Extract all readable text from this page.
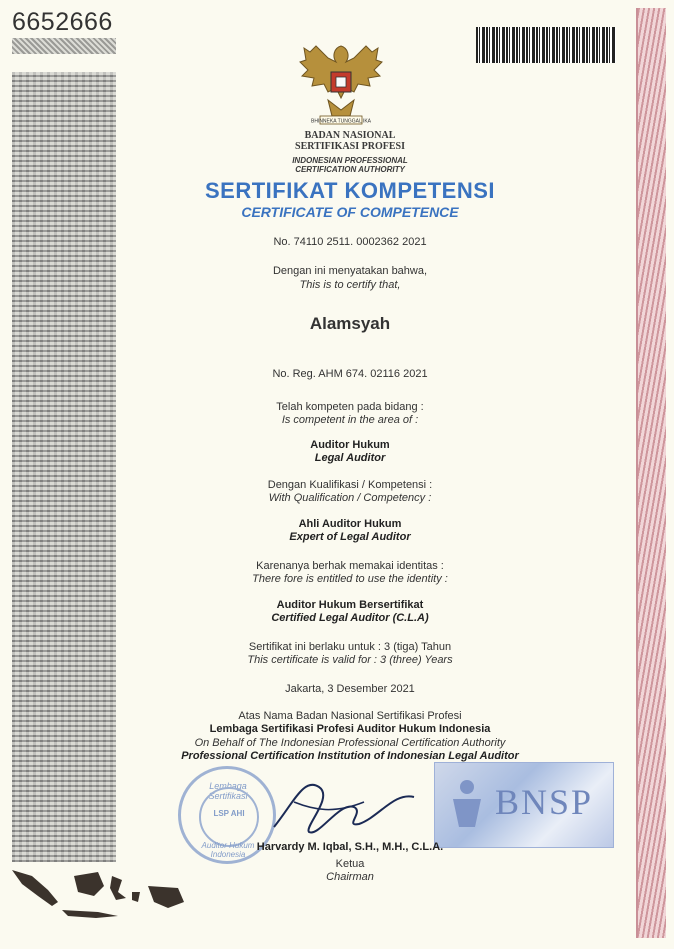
6652666
BHINNEKA TUNGGAL IKA
BADAN NASIONAL
SERTIFIKASI PROFESI
INDONESIAN PROFESSIONAL
CERTIFICATION AUTHORITY
SERTIFIKAT KOMPETENSI
CERTIFICATE OF COMPETENCE
No. 74110 2511. 0002362 2021
Dengan ini menyatakan bahwa,
This is to certify that,
Alamsyah
No. Reg. AHM 674. 02116 2021
Telah kompeten pada bidang :
Is competent in the area of :
Auditor Hukum
Legal Auditor
Dengan Kualifikasi / Kompetensi :
With Qualification / Competency :
Ahli Auditor Hukum
Expert of Legal Auditor
Karenanya berhak memakai identitas :
There fore is entitled to use the identity :
Auditor Hukum Bersertifikat
Certified Legal Auditor (C.L.A)
Sertifikat ini berlaku untuk : 3 (tiga) Tahun
This certificate is valid for : 3 (three) Years
Jakarta, 3 Desember 2021
Atas Nama Badan Nasional Sertifikasi Profesi
Lembaga Sertifikasi Profesi Auditor Hukum Indonesia
On Behalf of The Indonesian Professional Certification Authority
Professional Certification Institution of Indonesian Legal Auditor
Lembaga Sertifikasi
LSP AHI
Auditor Hukum Indonesia
BNSP
Harvardy M. Iqbal, S.H., M.H., C.L.A.
Ketua
Chairman
